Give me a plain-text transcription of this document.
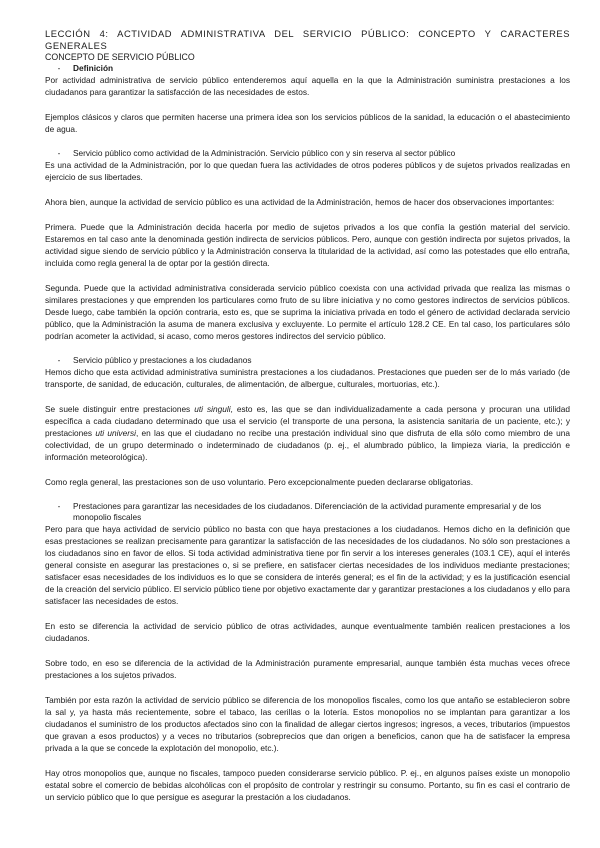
LECCIÓN 4: ACTIVIDAD ADMINISTRATIVA DEL SERVICIO PÚBLICO: CONCEPTO Y CARACTERES GENERALES
CONCEPTO DE SERVICIO PÚBLICO
-	Definición

Por actividad administrativa de servicio público entenderemos aquí aquella en la que la Administración suministra prestaciones a los ciudadanos para garantizar la satisfacción de las necesidades de estos.

Ejemplos clásicos y claros que permiten hacerse una primera idea son los servicios públicos de la sanidad, la educación o el abastecimiento de agua.

-	Servicio público como actividad de la Administración. Servicio público con y sin reserva al sector público

Es una actividad de la Administración, por lo que quedan fuera las actividades de otros poderes públicos y de sujetos privados realizadas en ejercicio de sus libertades.

Ahora bien, aunque la actividad de servicio público es una actividad de la Administración, hemos de hacer dos observaciones importantes:

Primera. Puede que la Administración decida hacerla por medio de sujetos privados a los que confía la gestión material del servicio. Estaremos en tal caso ante la denominada gestión indirecta de servicios públicos. Pero, aunque con gestión indirecta por sujetos privados, la actividad sigue siendo de servicio público y la Administración conserva la titularidad de la actividad, así como las potestades que ello entraña, incluida como regla general la de optar por la gestión directa.

Segunda. Puede que la actividad administrativa considerada servicio público coexista con una actividad privada que realiza las mismas o similares prestaciones y que emprenden los particulares como fruto de su libre iniciativa y no como gestores indirectos de servicios públicos. Desde luego, cabe también la opción contraria, esto es, que se suprima la iniciativa privada en todo el género de actividad declarada servicio público, que la Administración la asuma de manera exclusiva y excluyente. Lo permite el artículo 128.2 CE. En tal caso, los particulares sólo podrían acometer la actividad, si acaso, como meros gestores indirectos del servicio público.

-	Servicio público y prestaciones a los ciudadanos

Hemos dicho que esta actividad administrativa suministra prestaciones a los ciudadanos. Prestaciones que pueden ser de lo más variado (de transporte, de sanidad, de educación, culturales, de alimentación, de albergue, culturales, mortuorias, etc.).

Se suele distinguir entre prestaciones uti singuli, esto es, las que se dan individualizadamente a cada persona y procuran una utilidad específica a cada ciudadano determinado que usa el servicio (el transporte de una persona, la asistencia sanitaria de un paciente, etc.); y prestaciones uti universi, en las que el ciudadano no recibe una prestación individual sino que disfruta de ella sólo como miembro de una colectividad, de un grupo determinado o indeterminado de ciudadanos (p. ej., el alumbrado público, la limpieza viaria, la predicción e información meteorológica).

Como regla general, las prestaciones son de uso voluntario. Pero excepcionalmente pueden declararse obligatorias.

-	Prestaciones para garantizar las necesidades de los ciudadanos. Diferenciación de la actividad puramente empresarial y de los monopolio fiscales

Pero para que haya actividad de servicio público no basta con que haya prestaciones a los ciudadanos. Hemos dicho en la definición que esas prestaciones se realizan precisamente para garantizar la satisfacción de las necesidades de los ciudadanos. No sólo son prestaciones a los ciudadanos sino en favor de ellos. Si toda actividad administrativa tiene por fin servir a los intereses generales (103.1 CE), aquí el interés general consiste en asegurar las prestaciones o, si se prefiere, en satisfacer ciertas necesidades de los individuos mediante prestaciones; satisfacer esas necesidades de los individuos es lo que se considera de interés general; es el fin de la actividad; y es la justificación esencial de la creación del servicio público. El servicio público tiene por objetivo exactamente dar y garantizar prestaciones a los ciudadanos y ello para satisfacer las necesidades de estos.

En esto se diferencia la actividad de servicio público de otras actividades, aunque eventualmente también realicen prestaciones a los ciudadanos.

Sobre todo, en eso se diferencia de la actividad de la Administración puramente empresarial, aunque también ésta muchas veces ofrece prestaciones a los sujetos privados.

También por esta razón la actividad de servicio público se diferencia de los monopolios fiscales, como los que antaño se establecieron sobre la sal y, ya hasta más recientemente, sobre el tabaco, las cerillas o la lotería. Estos monopolios no se implantan para garantizar a los ciudadanos el suministro de los productos afectados sino con la finalidad de allegar ciertos ingresos; ingresos, a veces, tributarios (impuestos que gravan a esos productos) y a veces no tributarios (sobreprecios que dan origen a beneficios, canon que ha de satisfacer la empresa privada a la que se concede la explotación del monopolio, etc.).

Hay otros monopolios que, aunque no fiscales, tampoco pueden considerarse servicio público. P. ej., en algunos países existe un monopolio estatal sobre el comercio de bebidas alcohólicas con el propósito de controlar y restringir su consumo. Portanto, su fin es casi el contrario de un servicio público que lo que persigue es asegurar la prestación a los ciudadanos.
